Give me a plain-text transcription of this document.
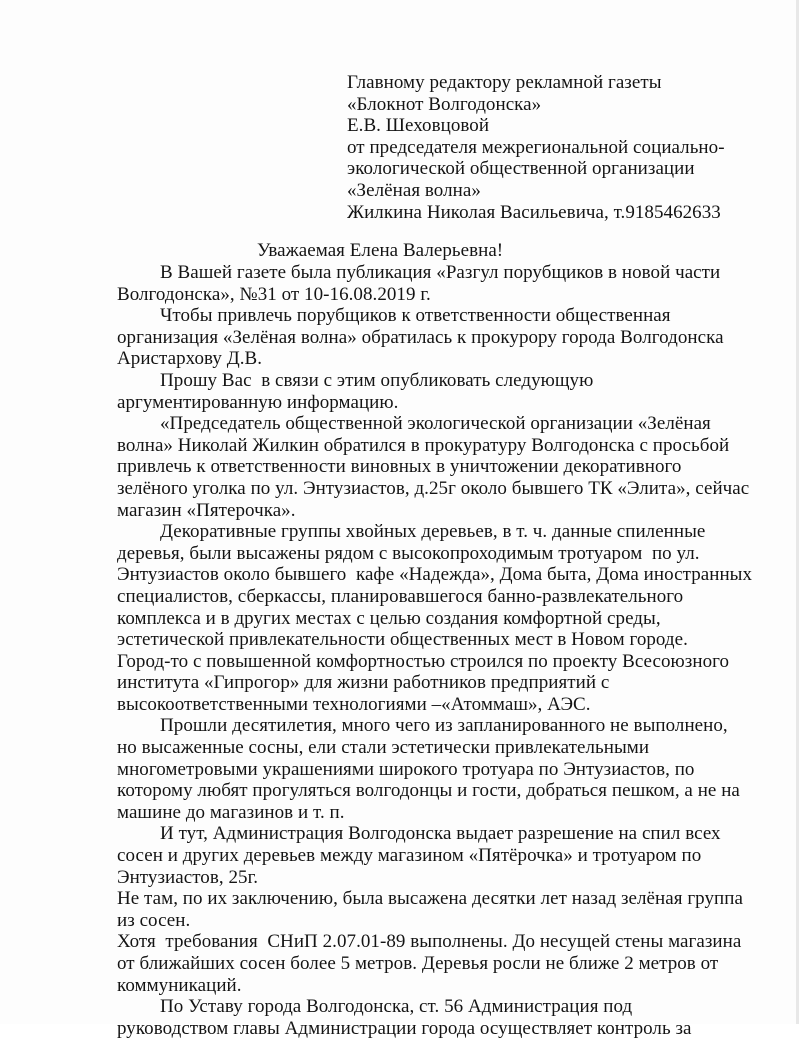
Главному редактору рекламной газеты
«Блокнот Волгодонска»
Е.В. Шеховцовой
от председателя межрегиональной социально-
экологической общественной организации
«Зелёная волна»
Жилкина Николая Васильевича, т.9185462633
Уважаемая Елена Валерьевна!

В Вашей газете была публикация «Разгул порубщиков в новой части
Волгодонска», №31 от 10-16.08.2019 г.

Чтобы привлечь порубщиков к ответственности общественная
организация «Зелёная волна» обратилась к прокурору города Волгодонска
Аристархову Д.В.

Прошу Вас  в связи с этим опубликовать следующую
аргументированную информацию.

«Председатель общественной экологической организации «Зелёная
волна» Николай Жилкин обратился в прокуратуру Волгодонска с просьбой
привлечь к ответственности виновных в уничтожении декоративного
зелёного уголка по ул. Энтузиастов, д.25г около бывшего ТК «Элита», сейчас
магазин «Пятерочка».

Декоративные группы хвойных деревьев, в т. ч. данные спиленные
деревья, были высажены рядом с высокопроходимым тротуаром  по ул.
Энтузиастов около бывшего  кафе «Надежда», Дома быта, Дома иностранных
специалистов, сберкассы, планировавшегося банно-развлекательного
комплекса и в других местах с целью создания комфортной среды,
эстетической привлекательности общественных мест в Новом городе.
Город-то с повышенной комфортностью строился по проекту Всесоюзного
института «Гипрогор» для жизни работников предприятий с
высокоответственными технологиями –«Атоммаш», АЭС.

Прошли десятилетия, много чего из запланированного не выполнено,
но высаженные сосны, ели стали эстетически привлекательными
многометровыми украшениями широкого тротуара по Энтузиастов, по
которому любят прогуляться волгодонцы и гости, добраться пешком, а не на
машине до магазинов и т. п.

И тут, Администрация Волгодонска выдает разрешение на спил всех
сосен и других деревьев между магазином «Пятёрочка» и тротуаром по
Энтузиастов, 25г.

Не там, по их заключению, была высажена десятки лет назад зелёная группа
из сосен.

Хотя  требования  СНиП 2.07.01-89 выполнены. До несущей стены магазина
от ближайших сосен более 5 метров. Деревья росли не ближе 2 метров от
коммуникаций.

По Уставу города Волгодонска, ст. 56 Администрация под
руководством главы Администрации города осуществляет контроль за
